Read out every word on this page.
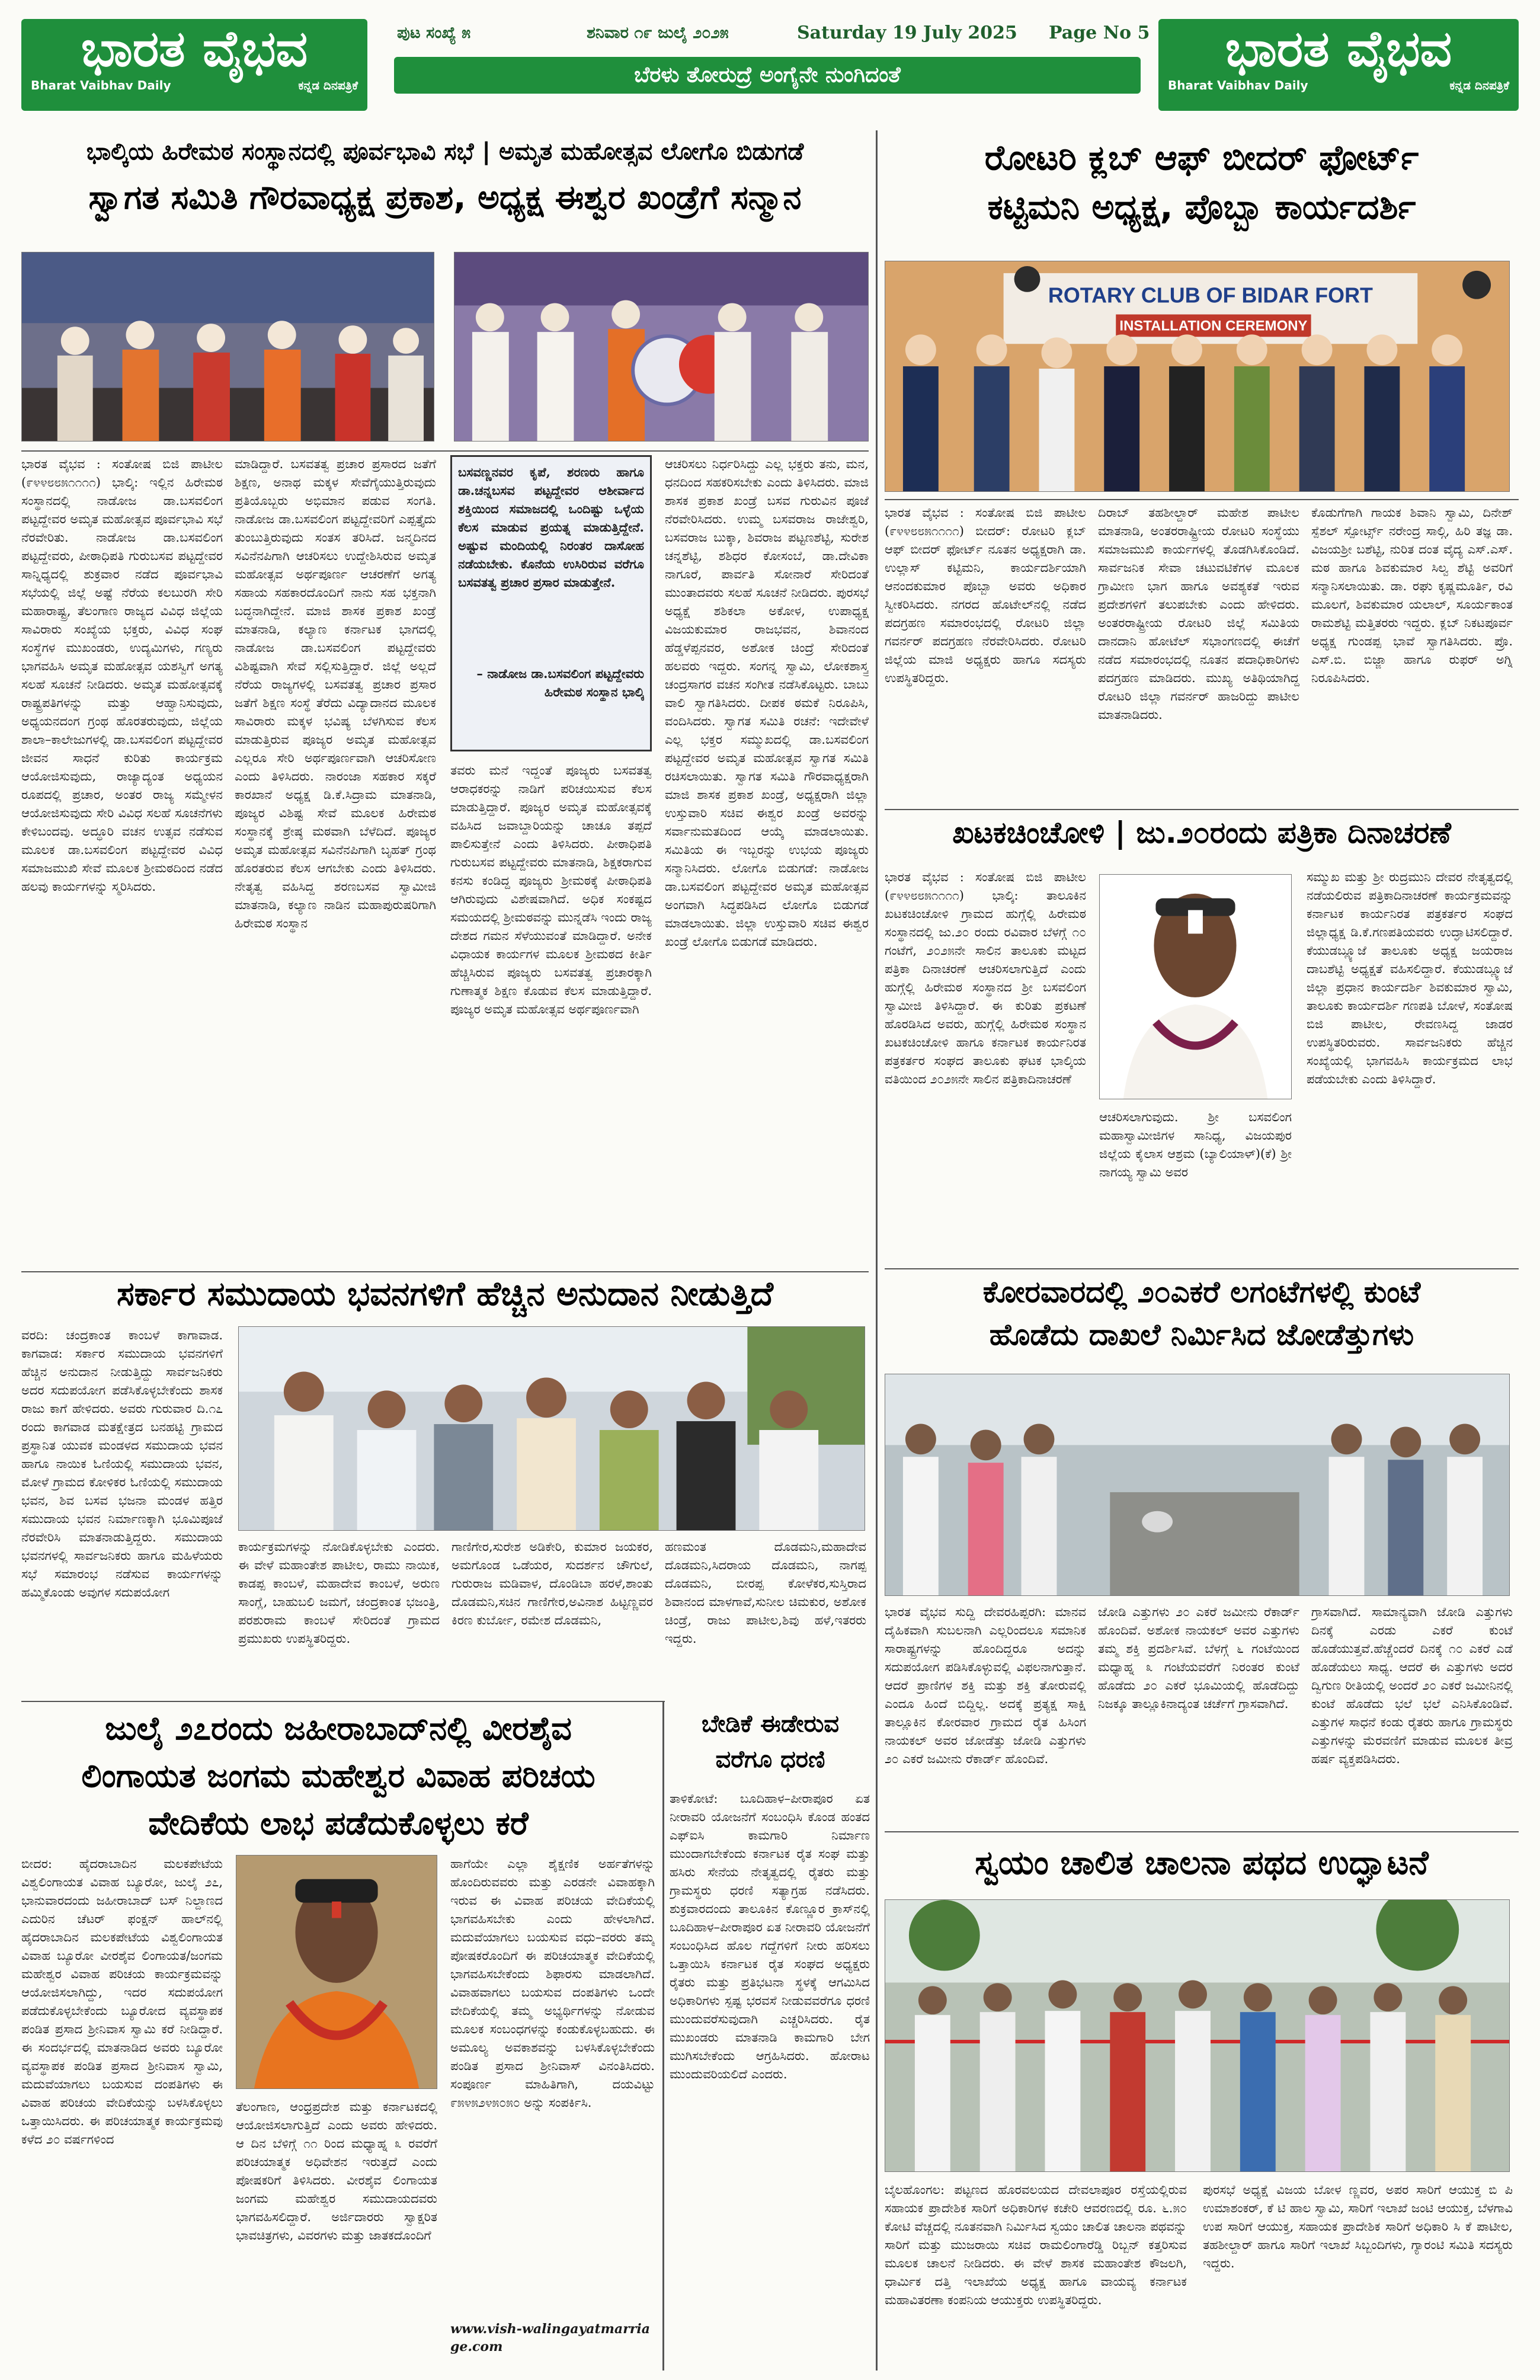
ಭಾರತ ವೈಭವ
Bharat Vaibhav Daily	ಕನ್ನಡ ದಿನಪತ್ರಿಕೆ
ಭಾರತ ವೈಭವ
Bharat Vaibhav Daily	ಕನ್ನಡ ದಿನಪತ್ರಿಕೆ
ಪುಟ ಸಂಖ್ಯೆ ೫	ಶನಿವಾರ ೧೯ ಜುಲೈ ೨೦೨೫	Saturday 19 July 2025 Page No 5
ಬೆರಳು ತೋರುದ್ರೆ ಅಂಗೈನೇ ನುಂಗಿದಂತೆ
ಭಾಲ್ಕಿಯ ಹಿರೇಮಠ ಸಂಸ್ಥಾನದಲ್ಲಿ ಪೂರ್ವಭಾವಿ ಸಭೆ | ಅಮೃತ ಮಹೋತ್ಸವ ಲೋಗೊ ಬಿಡುಗಡೆ
ಸ್ವಾಗತ ಸಮಿತಿ ಗೌರವಾಧ್ಯಕ್ಷ ಪ್ರಕಾಶ, ಅಧ್ಯಕ್ಷ ಈಶ್ವರ ಖಂಡ್ರೆಗೆ ಸನ್ಮಾನ
ಭಾರತ ವೈಭವ : ಸಂತೋಷ ಬಿಜಿ ಪಾಟೀಲ (೯೪೪೮೮೫೧೧೧೧) ಭಾಲ್ಕಿ: ಇಲ್ಲಿನ ಹಿರೇಮಠ ಸಂಸ್ಥಾನದಲ್ಲಿ ನಾಡೋಜ ಡಾ.ಬಸವಲಿಂಗ ಪಟ್ಟದ್ದೇವರ ಅಮೃತ ಮಹೋತ್ಸವ ಪೂರ್ವಭಾವಿ ಸಭೆ ನೆರವೇರಿತು. ನಾಡೋಜ ಡಾ.ಬಸವಲಿಂಗ ಪಟ್ಟದ್ದೇವರು, ಪೀಠಾಧಿಪತಿ ಗುರುಬಸವ ಪಟ್ಟದ್ದೇವರ ಸಾನ್ನಿಧ್ಯದಲ್ಲಿ ಶುಕ್ರವಾರ ನಡೆದ ಪೂರ್ವಭಾವಿ ಸಭೆಯಲ್ಲಿ ಜಿಲ್ಲೆ ಅಷ್ಟೆ ನೆರೆಯ ಕಲಬುರಗಿ ಸೇರಿ ಮಹಾರಾಷ್ಟ್ರ, ತೆಲಂಗಾಣ ರಾಜ್ಯದ ವಿವಿಧ ಜಿಲ್ಲೆಯ ಸಾವಿರಾರು ಸಂಖ್ಯೆಯ ಭಕ್ತರು, ವಿವಿಧ ಸಂಘ ಸಂಸ್ಥೆಗಳ ಮುಖಂಡರು, ಉದ್ಯಮಿಗಳು, ಗಣ್ಯರು ಭಾಗವಹಿಸಿ ಅಮೃತ ಮಹೋತ್ಸವ ಯಶಸ್ವಿಗೆ ಅಗತ್ಯ ಸಲಹೆ ಸೂಚನೆ ನೀಡಿದರು. ಅಮೃತ ಮಹೋತ್ಸವಕ್ಕೆ ರಾಷ್ಟ್ರಪತಿಗಳನ್ನು ಮತ್ತು ಆಹ್ವಾನಿಸುವುದು, ಅಧ್ಯಯನದಂಗ ಗ್ರಂಥ ಹೊರತರುವುದು, ಜಿಲ್ಲೆಯ ಶಾಲಾ–ಕಾಲೇಜುಗಳಲ್ಲಿ ಡಾ.ಬಸವಲಿಂಗ ಪಟ್ಟದ್ದೇವರ ಜೀವನ ಸಾಧನೆ ಕುರಿತು ಕಾರ್ಯಕ್ರಮ ಆಯೋಜಿಸುವುದು, ರಾಜ್ಯಾದ್ಯಂತ ಅಧ್ಯಯನ ರೂಪದಲ್ಲಿ ಪ್ರಚಾರ, ಅಂತರ ರಾಜ್ಯ ಸಮ್ಮೇಳನ ಆಯೋಜಿಸುವುದು ಸೇರಿ ವಿವಿಧ ಸಲಹೆ ಸೂಚನೆಗಳು ಕೇಳಿಬಂದವು. ಅದ್ಧೂರಿ ವಚನ ಉತ್ಸವ ನಡೆಸುವ ಮೂಲಕ ಡಾ.ಬಸವಲಿಂಗ ಪಟ್ಟದ್ದೇವರ ವಿವಿಧ ಸಮಾಜಮುಖಿ ಸೇವೆ ಮೂಲಕ ಶ್ರೀಮಠದಿಂದ ನಡೆದ ಹಲವು ಕಾರ್ಯಗಳನ್ನು ಸ್ಮರಿಸಿದರು.
ಮಾಡಿದ್ದಾರೆ. ಬಸವತತ್ವ ಪ್ರಚಾರ ಪ್ರಸಾರದ ಜತೆಗೆ ಶಿಕ್ಷಣ, ಅನಾಥ ಮಕ್ಕಳ ಸೇವೆಗೈಯುತ್ತಿರುವುದು ಪ್ರತಿಯೊಬ್ಬರು ಅಭಿಮಾನ ಪಡುವ ಸಂಗತಿ. ನಾಡೋಜ ಡಾ.ಬಸವಲಿಂಗ ಪಟ್ಟದ್ದೇವರಿಗೆ ಎಪ್ಪತ್ತೈದು ತುಂಬುತ್ತಿರುವುದು ಸಂತಸ ತರಿಸಿದೆ. ಜನ್ಮದಿನದ ಸವಿನೆನಪಿಗಾಗಿ ಆಚರಿಸಲು ಉದ್ದೇಶಿಸಿರುವ ಅಮೃತ ಮಹೋತ್ಸವ ಅರ್ಥಪೂರ್ಣ ಆಚರಣೆಗೆ ಅಗತ್ಯ ಸಹಾಯ ಸಹಕಾರದೊಂದಿಗೆ ನಾನು ಸಹ ಭಕ್ತನಾಗಿ ಬದ್ಧನಾಗಿದ್ದೇನೆ. ಮಾಜಿ ಶಾಸಕ ಪ್ರಕಾಶ ಖಂಡ್ರೆ ಮಾತನಾಡಿ, ಕಲ್ಯಾಣ ಕರ್ನಾಟಕ ಭಾಗದಲ್ಲಿ ನಾಡೋಜ ಡಾ.ಬಸವಲಿಂಗ ಪಟ್ಟದ್ದೇವರು ವಿಶಿಷ್ಟವಾಗಿ ಸೇವೆ ಸಲ್ಲಿಸುತ್ತಿದ್ದಾರೆ. ಜಿಲ್ಲೆ ಅಲ್ಲದೆ ನೆರೆಯ ರಾಜ್ಯಗಳಲ್ಲಿ ಬಸವತತ್ವ ಪ್ರಚಾರ ಪ್ರಸಾರ ಜತೆಗೆ ಶಿಕ್ಷಣ ಸಂಸ್ಥೆ ತೆರೆದು ವಿದ್ಯಾದಾನದ ಮೂಲಕ ಸಾವಿರಾರು ಮಕ್ಕಳ ಭವಿಷ್ಯ ಬೆಳಗಿಸುವ ಕೆಲಸ ಮಾಡುತ್ತಿರುವ ಪೂಜ್ಯರ ಅಮೃತ ಮಹೋತ್ಸವ ಎಲ್ಲರೂ ಸೇರಿ ಅರ್ಥಪೂರ್ಣವಾಗಿ ಆಚರಿಸೋಣ ಎಂದು ತಿಳಿಸಿದರು. ನಾರಂಜಾ ಸಹಕಾರ ಸಕ್ಕರೆ ಕಾರಖಾನೆ ಅಧ್ಯಕ್ಷ ಡಿ.ಕೆ.ಸಿದ್ರಾಮ ಮಾತನಾಡಿ, ಪೂಜ್ಯರ ವಿಶಿಷ್ಟ ಸೇವೆ ಮೂಲಕ ಹಿರೇಮಠ ಸಂಸ್ಥಾನಕ್ಕೆ ಶ್ರೇಷ್ಠ ಮಠವಾಗಿ ಬೆಳೆದಿದೆ. ಪೂಜ್ಯರ ಅಮೃತ ಮಹೋತ್ಸವ ಸವಿನೆನಪಿಗಾಗಿ ಬೃಹತ್ ಗ್ರಂಥ ಹೊರತರುವ ಕೆಲಸ ಆಗಬೇಕು ಎಂದು ತಿಳಿಸಿದರು. ನೇತೃತ್ವ ವಹಿಸಿದ್ದ ಶರಣಬಸವ ಸ್ವಾಮೀಜಿ ಮಾತನಾಡಿ, ಕಲ್ಯಾಣ ನಾಡಿನ ಮಹಾಪುರುಷರಿಗಾಗಿ ಹಿರೇಮಠ ಸಂಸ್ಥಾನ
ಬಸವಣ್ಣನವರ ಕೃಪೆ, ಶರಣರು ಹಾಗೂ ಡಾ.ಚನ್ನಬಸವ ಪಟ್ಟದ್ದೇವರ ಆಶೀರ್ವಾದ ಶಕ್ತಿಯಿಂದ ಸಮಾಜದಲ್ಲಿ ಒಂದಿಷ್ಟು ಒಳ್ಳೆಯ ಕೆಲಸ ಮಾಡುವ ಪ್ರಯತ್ನ ಮಾಡುತ್ತಿದ್ದೇನೆ. ಅಷ್ಟುವ ಮಂದಿಯಲ್ಲಿ ನಿರಂತರ ದಾಸೋಹ ನಡೆಯಬೇಕು. ಕೊನೆಯ ಉಸಿರಿರುವ ವರೆಗೂ ಬಸವತತ್ವ ಪ್ರಚಾರ ಪ್ರಸಾರ ಮಾಡುತ್ತೇನೆ.
– ನಾಡೋಜ ಡಾ.ಬಸವಲಿಂಗ ಪಟ್ಟದ್ದೇವರು ಹಿರೇಮಠ ಸಂಸ್ಥಾನ ಭಾಲ್ಕಿ
ತವರು ಮನೆ ಇದ್ದಂತೆ ಪೂಜ್ಯರು ಬಸವತತ್ವ ಆರಾಧಕರನ್ನು ನಾಡಿಗೆ ಪರಿಚಯಿಸುವ ಕೆಲಸ ಮಾಡುತ್ತಿದ್ದಾರೆ. ಪೂಜ್ಯರ ಅಮೃತ ಮಹೋತ್ಸವಕ್ಕೆ ವಹಿಸಿದ ಜವಾಬ್ದಾರಿಯನ್ನು ಚಾಚೂ ತಪ್ಪದೆ ಪಾಲಿಸುತ್ತೇನೆ ಎಂದು ತಿಳಿಸಿದರು. ಪೀಠಾಧಿಪತಿ ಗುರುಬಸವ ಪಟ್ಟದ್ದೇವರು ಮಾತನಾಡಿ, ಶಿಕ್ಷಕರಾಗುವ ಕನಸು ಕಂಡಿದ್ದ ಪೂಜ್ಯರು ಶ್ರೀಮಠಕ್ಕೆ ಪೀಠಾಧಿಪತಿ ಆಗಿರುವುದು ವಿಶೇಷವಾಗಿದೆ. ಅಧಿಕ ಸಂಕಷ್ಟದ ಸಮಯದಲ್ಲಿ ಶ್ರೀಮಠವನ್ನು ಮುನ್ನಡೆಸಿ ಇಂದು ರಾಜ್ಯ ದೇಶದ ಗಮನ ಸೆಳೆಯುವಂತೆ ಮಾಡಿದ್ದಾರೆ. ಅನೇಕ ವಿಧಾಯಕ ಕಾರ್ಯಗಳ ಮೂಲಕ ಶ್ರೀಮಠದ ಕೀರ್ತಿ ಹೆಚ್ಚಿಸಿರುವ ಪೂಜ್ಯರು ಬಸವತತ್ವ ಪ್ರಚಾರಕ್ಕಾಗಿ ಗುಣಾತ್ಮಕ ಶಿಕ್ಷಣ ಕೊಡುವ ಕೆಲಸ ಮಾಡುತ್ತಿದ್ದಾರೆ. ಪೂಜ್ಯರ ಅಮೃತ ಮಹೋತ್ಸವ ಅರ್ಥಪೂರ್ಣವಾಗಿ
ಆಚರಿಸಲು ನಿರ್ಧರಿಸಿದ್ದು ಎಲ್ಲ ಭಕ್ತರು ತನು, ಮನ, ಧನದಿಂದ ಸಹಕರಿಸಬೇಕು ಎಂದು ತಿಳಿಸಿದರು. ಮಾಜಿ ಶಾಸಕ ಪ್ರಕಾಶ ಖಂಡ್ರೆ ಬಸವ ಗುರುವಿನ ಪೂಜೆ ನೆರವೇರಿಸಿದರು. ಉಮ್ಮ ಬಸವರಾಜ ರಾಜೇಶ್ವರಿ, ಬಸವರಾಜ ಬುಕ್ಕಾ, ಶಿವರಾಜ ಪಟ್ಟಣಶೆಟ್ಟಿ, ಸುರೇಶ ಚನ್ನಶೆಟ್ಟಿ, ಶಶಿಧರ ಕೋಸಂಬೆ, ಡಾ.ದೇವಿಕಾ ನಾಗೂರೆ, ಪಾರ್ವತಿ ಸೋನಾರೆ ಸೇರಿದಂತೆ ಮುಂತಾದವರು ಸಲಹೆ ಸೂಚನೆ ನೀಡಿದರು. ಪುರಸಭೆ ಅಧ್ಯಕ್ಷೆ ಶಶಿಕಲಾ ಅಕೋಳ, ಉಪಾಧ್ಯಕ್ಷ ವಿಜಯಕುಮಾರ ರಾಜಭವನ, ಶಿವಾನಂದ ಹೆಡ್ಡಳೆಪ್ಪನವರ, ಅಶೋಕ ಚಿಂದ್ರೆ ಸೇರಿದಂತೆ ಹಲವರು ಇದ್ದರು. ಸಂಗನ್ನ ಸ್ವಾಮಿ, ಲೋಕಶಾಸ್ತ್ರ ಚಂದ್ರಸಾಗರ ವಚನ ಸಂಗೀತ ನಡೆಸಿಕೊಟ್ಟರು. ಬಾಬು ವಾಲಿ ಸ್ವಾಗತಿಸಿದರು. ದೀಪಕ ಠಮಕೆ ನಿರೂಪಿಸಿ, ವಂದಿಸಿದರು. ಸ್ವಾಗತ ಸಮಿತಿ ರಚನೆ: ಇದೇವೇಳೆ ಎಲ್ಲ ಭಕ್ತರ ಸಮ್ಮುಖದಲ್ಲಿ ಡಾ.ಬಸವಲಿಂಗ ಪಟ್ಟದ್ದೇವರ ಅಮೃತ ಮಹೋತ್ಸವ ಸ್ವಾಗತ ಸಮಿತಿ ರಚಿಸಲಾಯಿತು. ಸ್ವಾಗತ ಸಮಿತಿ ಗೌರವಾಧ್ಯಕ್ಷರಾಗಿ ಮಾಜಿ ಶಾಸಕ ಪ್ರಕಾಶ ಖಂಡ್ರೆ, ಅಧ್ಯಕ್ಷರಾಗಿ ಜಿಲ್ಲಾ ಉಸ್ತುವಾರಿ ಸಚಿವ ಈಶ್ವರ ಖಂಡ್ರೆ ಅವರನ್ನು ಸರ್ವಾನುಮತದಿಂದ ಆಯ್ಕೆ ಮಾಡಲಾಯಿತು. ಸಮಿತಿಯ ಈ ಇಬ್ಬರನ್ನು ಉಭಯ ಪೂಜ್ಯರು ಸನ್ಮಾನಿಸಿದರು. ಲೋಗೊ ಬಿಡುಗಡೆ: ನಾಡೋಜ ಡಾ.ಬಸವಲಿಂಗ ಪಟ್ಟದ್ದೇವರ ಅಮೃತ ಮಹೋತ್ಸವ ಅಂಗವಾಗಿ ಸಿದ್ಧಪಡಿಸಿದ ಲೋಗೊ ಬಿಡುಗಡೆ ಮಾಡಲಾಯಿತು. ಜಿಲ್ಲಾ ಉಸ್ತುವಾರಿ ಸಚಿವ ಈಶ್ವರ ಖಂಡ್ರೆ ಲೋಗೊ ಬಿಡುಗಡೆ ಮಾಡಿದರು.
ರೋಟರಿ ಕ್ಲಬ್ ಆಫ್ ಬೀದರ್ ಫೋರ್ಟ್
ಕಟ್ಟಿಮನಿ ಅಧ್ಯಕ್ಷ, ಪೊಬ್ಬಾ ಕಾರ್ಯದರ್ಶಿ
ROTARY CLUB OF BIDAR FORT
INSTALLATION CEREMONY
ಭಾರತ ವೈಭವ : ಸಂತೋಷ ಬಿಜಿ ಪಾಟೀಲ (೯೪೪೮೮೫೧೧೧೧) ಬೀದರ್: ರೋಟರಿ ಕ್ಲಬ್ ಆಫ್ ಬೀದರ್ ಫೋರ್ಟ್ ನೂತನ ಅಧ್ಯಕ್ಷರಾಗಿ ಡಾ. ಉಲ್ಲಾಸ್ ಕಟ್ಟಿಮನಿ, ಕಾರ್ಯದರ್ಶಿಯಾಗಿ ಆನಂದಕುಮಾರ ಪೊಬ್ಬಾ ಅವರು ಅಧಿಕಾರ ಸ್ವೀಕರಿಸಿದರು. ನಗರದ ಹೊಟೇಲ್‌ನಲ್ಲಿ ನಡೆದ ಪದಗ್ರಹಣ ಸಮಾರಂಭದಲ್ಲಿ ರೋಟರಿ ಜಿಲ್ಲಾ ಗವರ್ನರ್ ಪದಗ್ರಹಣ ನೆರವೇರಿಸಿದರು. ರೋಟರಿ ಜಿಲ್ಲೆಯ ಮಾಜಿ ಅಧ್ಯಕ್ಷರು ಹಾಗೂ ಸದಸ್ಯರು ಉಪಸ್ಥಿತರಿದ್ದರು.
ದಿರಾಬ್ ತಹಶೀಲ್ದಾರ್ ಮಹೇಶ ಪಾಟೀಲ ಮಾತನಾಡಿ, ಅಂತರರಾಷ್ಟ್ರೀಯ ರೋಟರಿ ಸಂಸ್ಥೆಯು ಸಮಾಜಮುಖಿ ಕಾರ್ಯಗಳಲ್ಲಿ ತೊಡಗಿಸಿಕೊಂಡಿದೆ. ಸಾರ್ವಜನಿಕ ಸೇವಾ ಚಟುವಟಿಕೆಗಳ ಮೂಲಕ ಗ್ರಾಮೀಣ ಭಾಗ ಹಾಗೂ ಅವಶ್ಯಕತೆ ಇರುವ ಪ್ರದೇಶಗಳಿಗೆ ತಲುಪಬೇಕು ಎಂದು ಹೇಳಿದರು. ಅಂತರರಾಷ್ಟ್ರೀಯ ರೋಟರಿ ಜಿಲ್ಲೆ ಸಮಿತಿಯ ದಾನದಾನಿ ಹೋಟೆಲ್ ಸಭಾಂಗಣದಲ್ಲಿ ಈಚೆಗೆ ನಡೆದ ಸಮಾರಂಭದಲ್ಲಿ ನೂತನ ಪದಾಧಿಕಾರಿಗಳು ಪದಗ್ರಹಣ ಮಾಡಿದರು. ಮುಖ್ಯ ಅತಿಥಿಯಾಗಿದ್ದ ರೋಟರಿ ಜಿಲ್ಲಾ ಗವರ್ನರ್ ಹಾಜರಿದ್ದು ಪಾಟೀಲ ಮಾತನಾಡಿದರು.
ಕೊಡುಗೆಗಾಗಿ ಗಾಯಕ ಶಿವಾನಿ ಸ್ವಾಮಿ, ದಿನೇಶ್ ಸ್ಪೆಶಲ್ ಸ್ಪೋರ್ಟ್ಸ್ ನರೇಂದ್ರ ಸಾಲ್ಗಿ, ಹಿರಿ ತಜ್ಞ ಡಾ. ವಿಜಯಶ್ರೀ ಬಶೆಟ್ಟಿ, ನುರಿತ ದಂತ ವೈದ್ಯ ಎಸ್.ಎಸ್. ಮಠ ಹಾಗೂ ಶಿವಕುಮಾರ ಸಿಲ್ವ ಶೆಟ್ಟಿ ಅವರಿಗೆ ಸನ್ಮಾನಿಸಲಾಯಿತು. ಡಾ. ರಘು ಕೃಷ್ಣಮೂರ್ತಿ, ರವಿ ಮೂಲಗೆ, ಶಿವಕುಮಾರ ಯಲಾಲ್, ಸೂರ್ಯಕಾಂತ ರಾಮಶೆಟ್ಟಿ ಮತ್ತಿತರರು ಇದ್ದರು. ಕ್ಲಬ್ ನಿಕಟಪೂರ್ವ ಅಧ್ಯಕ್ಷ ಗುಂಡಪ್ಪ ಭಾವೆ ಸ್ವಾಗತಿಸಿದರು. ಪ್ರೊ. ಎಸ್.ಬಿ. ಬಿಜ್ಜಾ ಹಾಗೂ ರುಫರ್ ಅಗ್ನಿ ನಿರೂಪಿಸಿದರು.
ಖಟಕಚಿಂಚೋಳಿ | ಜು.೨೦ರಂದು ಪತ್ರಿಕಾ ದಿನಾಚರಣೆ
ಭಾರತ ವೈಭವ : ಸಂತೋಷ ಬಿಜಿ ಪಾಟೀಲ (೯೪೪೮೮೫೧೧೧೧) ಭಾಲ್ಕಿ: ತಾಲೂಕಿನ ಖಟಕಚಿಂಚೋಳಿ ಗ್ರಾಮದ ಹುಗ್ಗೆಲ್ಲಿ ಹಿರೇಮಠ ಸಂಸ್ಥಾನದಲ್ಲಿ ಜು.೨೦ ರಂದು ರವಿವಾರ ಬೆಳಗ್ಗೆ ೧೦ ಗಂಟೆಗೆ, ೨೦೨೫ನೇ ಸಾಲಿನ ತಾಲೂಕು ಮಟ್ಟದ ಪತ್ರಿಕಾ ದಿನಾಚರಣೆ ಆಚರಿಸಲಾಗುತ್ತಿದೆ ಎಂದು ಹುಗ್ಗೆಲ್ಲಿ ಹಿರೇಮಠ ಸಂಸ್ಥಾನದ ಶ್ರೀ ಬಸವಲಿಂಗ ಸ್ವಾಮೀಜಿ ತಿಳಿಸಿದ್ದಾರೆ. ಈ ಕುರಿತು ಪ್ರಕಟಣೆ ಹೊರಡಿಸಿದ ಅವರು, ಹುಗ್ಗೆಲ್ಲಿ ಹಿರೇಮಠ ಸಂಸ್ಥಾನ ಖಟಕಚಿಂಚೋಳಿ ಹಾಗೂ ಕರ್ನಾಟಕ ಕಾರ್ಯನಿರತ ಪತ್ರಕರ್ತರ ಸಂಘದ ತಾಲೂಕು ಘಟಕ ಭಾಲ್ಕಿಯ ವತಿಯಿಂದ ೨೦೨೫ನೇ ಸಾಲಿನ ಪತ್ರಿಕಾದಿನಾಚರಣೆ
ಆಚರಿಸಲಾಗುವುದು. ಶ್ರೀ ಬಸವಲಿಂಗ ಮಹಾಸ್ವಾಮೀಜಿಗಳ ಸಾನಿಧ್ಯ, ವಿಜಯಪುರ ಜಿಲ್ಲೆಯ ಕೈಲಾಸ ಆಶ್ರಮ (ಬ್ಯಾಲಿಯಾಳ್)(ಕೆ) ಶ್ರೀ ನಾಗಯ್ಯ ಸ್ವಾಮಿ ಅವರ
ಸಮ್ಮುಖ ಮತ್ತು ಶ್ರೀ ರುದ್ರಮುನಿ ದೇವರ ನೇತೃತ್ವದಲ್ಲಿ ನಡೆಯಲಿರುವ ಪತ್ರಿಕಾದಿನಾಚರಣೆ ಕಾರ್ಯಕ್ರಮವನ್ನು ಕರ್ನಾಟಕ ಕಾರ್ಯನಿರತ ಪತ್ರಕರ್ತರ ಸಂಘದ ಜಿಲ್ಲಾಧ್ಯಕ್ಷ ಡಿ.ಕೆ.ಗಣಪತಿಯವರು ಉದ್ಘಾಟಿಸಲಿದ್ದಾರೆ. ಕೆಯುಡಬ್ಲ್ಯೂಜೆ ತಾಲೂಕು ಅಧ್ಯಕ್ಷ ಜಯರಾಜ ದಾಬಶೆಟ್ಟಿ ಅಧ್ಯಕ್ಷತೆ ವಹಿಸಲಿದ್ದಾರೆ. ಕೆಯುಡಬ್ಲ್ಯೂಜೆ ಜಿಲ್ಲಾ ಪ್ರಧಾನ ಕಾರ್ಯದರ್ಶಿ ಶಿವಕುಮಾರ ಸ್ವಾಮಿ, ತಾಲೂಕು ಕಾರ್ಯದರ್ಶಿ ಗಣಪತಿ ಬೋಳೆ, ಸಂತೋಷ ಬಿಜಿ ಪಾಟೀಲ, ರೇವಣಸಿದ್ದ ಜಾಡರ ಉಪಸ್ಥಿತರಿರುವರು. ಸಾರ್ವಜನಿಕರು ಹೆಚ್ಚಿನ ಸಂಖ್ಯೆಯಲ್ಲಿ ಭಾಗವಹಿಸಿ ಕಾರ್ಯಕ್ರಮದ ಲಾಭ ಪಡೆಯಬೇಕು ಎಂದು ತಿಳಿಸಿದ್ದಾರೆ.
ಸರ್ಕಾರ ಸಮುದಾಯ ಭವನಗಳಿಗೆ ಹೆಚ್ಚಿನ ಅನುದಾನ ನೀಡುತ್ತಿದೆ
ವರದಿ: ಚಂದ್ರಕಾಂತ ಕಾಂಬಳೆ ಕಾಗಾವಾಡ. ಕಾಗವಾಡ: ಸರ್ಕಾರ ಸಮುದಾಯ ಭವನಗಳಿಗೆ ಹೆಚ್ಚಿನ ಅನುದಾನ ನೀಡುತ್ತಿದ್ದು ಸಾರ್ವಜನಿಕರು ಅದರ ಸದುಪಯೋಗ ಪಡೆಸಿಕೊಳ್ಳಬೇಕೆಂದು ಶಾಸಕ ರಾಜು ಕಾಗೆ ಹೇಳಿದರು. ಅವರು ಗುರುವಾರ ದಿ.೧೭ ರಂದು ಕಾಗವಾಡ ಮತಕ್ಷೇತ್ರದ ಬನಹಟ್ಟಿ ಗ್ರಾಮದ ಪ್ರಸ್ಥಾನಿತ ಯುವಕ ಮಂಡಳದ ಸಮುದಾಯ ಭವನ ಹಾಗೂ ನಾಯಿಕ ಓಣಿಯಲ್ಲಿ ಸಮುದಾಯ ಭವನ, ಮೋಳೆ ಗ್ರಾಮದ ಕೋಳಿಕರ ಓಣಿಯಲ್ಲಿ ಸಮುದಾಯ ಭವನ, ಶಿವ ಬಸವ ಭಜನಾ ಮಂಡಳ ಹತ್ತಿರ ಸಮುದಾಯ ಭವನ ನಿರ್ಮಾಣಕ್ಕಾಗಿ ಭೂಮಿಪೂಜೆ ನೆರವೇರಿಸಿ ಮಾತನಾಡುತ್ತಿದ್ದರು. ಸಮುದಾಯ ಭವನಗಳಲ್ಲಿ ಸಾರ್ವಜನಿಕರು ಹಾಗೂ ಮಹಿಳೆಯರು ಸಭೆ ಸಮಾರಂಭ ನಡೆಸುವ ಕಾರ್ಯಗಳನ್ನು ಹಮ್ಮಿಕೊಂಡು ಅವುಗಳ ಸದುಪಯೋಗ
ಕಾರ್ಯಕ್ರಮಗಳನ್ನು ನೋಡಿಕೊಳ್ಳಬೇಕು ಎಂದರು. ಈ ವೇಳೆ ಮಹಾಂತೇಶ ಪಾಟೀಲ, ರಾಮು ನಾಯಿಕ, ಕಾಡಪ್ಪ ಕಾಂಬಳೆ, ಮಹಾದೇವ ಕಾಂಬಳೆ, ಅರುಣ ಸಾಂಗ್ಲೆ, ಬಾಹುಬಲಿ ಜಮಗೆ, ಚಂದ್ರಕಾಂತ ಭಜಂತ್ರಿ, ಪರಶುರಾಮ ಕಾಂಬಳೆ ಸೇರಿದಂತೆ ಗ್ರಾಮದ ಪ್ರಮುಖರು ಉಪಸ್ಥಿತರಿದ್ದರು.
ಗಾಣಿಗೇರ,ಸುರೇಶ ಅಡಿಕೇರಿ, ಕುಮಾರ ಜಯಕರ, ಅಮಗೊಂಡ ಒಡೆಯರ, ಸುದರ್ಶನ ಚೌಗುಲೆ, ಗುರುರಾಜ ಮಡಿವಾಳ, ದೊಂಡಿಬಾ ಹರಳೆ,ಶಾಂತು ದೊಡಮನಿ,ಸಚಿನ ಗಾಣಿಗೇರ,ಅವಿನಾಶ ಹಿಟ್ಟಣ್ಣವರ ಕಿರಣ ಕುರ್ಬೋ, ರಮೇಶ ದೊಡಮನಿ,
ಹಣಮಂತ ದೊಡಮನಿ,ಮಹಾದೇವ ದೊಡಮನಿ,ಸಿದರಾಯ ದೊಡಮನಿ, ನಾಗಪ್ಪ ದೊಡಮನಿ, ಬೀರಪ್ಪ ಕೋಳೆಕರ,ಸುಸ್ತಿರಾದ ಶಿವಾನಂದ ಮಾಳಗಾವೆ,ಸುನೀಲ ಚಿಮಕುರ, ಅಶೋಕ ಚಿಂಡ್ರೆ, ರಾಜು ಪಾಟೀಲ,ಶಿವು ಹಳೆ,ಇತರರು ಇದ್ದರು.
ಕೋರವಾರದಲ್ಲಿ ೨೦ಎಕರೆ ಲಗಂಟೆಗಳಲ್ಲಿ ಕುಂಟೆ
ಹೊಡೆದು ದಾಖಲೆ ನಿರ್ಮಿಸಿದ ಜೋಡೆತ್ತುಗಳು
ಭಾರತ ವೈಭವ ಸುದ್ದಿ ದೇವರಹಿಪ್ಪರಗಿ: ಮಾನವ ದೈಹಿಕವಾಗಿ ಸುಬಲನಾಗಿ ಎಲ್ಲರಿಂದಲೂ ಸಮಾನಿಕ ಸಾರಾಷ್ಟ್ರಗಳನ್ನು ಹೊಂದಿದ್ದರೂ ಅದನ್ನು ಸದುಪಯೋಗ ಪಡಿಸಿಕೊಳ್ಳುವಲ್ಲಿ ವಿಫಲನಾಗುತ್ತಾನೆ. ಆದರೆ ಪ್ರಾಣಿಗಳ ಶಕ್ತಿ ಮತ್ತು ಶಕ್ತಿ ತೋರುವಲ್ಲಿ ಎಂದೂ ಹಿಂದೆ ಬಿದ್ದಿಲ್ಲ. ಅದಕ್ಕೆ ಪ್ರತ್ಯಕ್ಷ ಸಾಕ್ಷಿ ತಾಲ್ಲೂಕಿನ ಕೋರವಾರ ಗ್ರಾಮದ ರೈತ ಹಿಸಿಂಗ ನಾಯಕಲ್ ಅವರ ಜೋಡೆತ್ತು ಜೋಡಿ ಎತ್ತುಗಳು ೨೦ ಎಕರೆ ಜಮೀನು ರೆಕಾರ್ಡ್ ಹೊಂದಿವೆ.
ಜೋಡಿ ಎತ್ತುಗಳು ೨೦ ಎಕರೆ ಜಮೀನು ರೆಕಾರ್ಡ್ ಹೊಂದಿವೆ. ಅಶೋಕ ನಾಯಕಲ್ ಅವರ ಎತ್ತುಗಳು ತಮ್ಮ ಶಕ್ತಿ ಪ್ರದರ್ಶಿಸಿವೆ. ಬೆಳಗ್ಗೆ ೬ ಗಂಟೆಯಿಂದ ಮಧ್ಯಾಹ್ನ ೩ ಗಂಟೆಯವರೆಗೆ ನಿರಂತರ ಕುಂಟೆ ಹೊಡೆದು ೨೦ ಎಕರೆ ಭೂಮಿಯಲ್ಲಿ ಹೊಡೆದಿದ್ದು ನಿಜಕ್ಕೂ ತಾಲ್ಲೂಕಿನಾದ್ಯಂತ ಚರ್ಚೆಗೆ ಗ್ರಾಸವಾಗಿದೆ.
ಗ್ರಾಸವಾಗಿದೆ. ಸಾಮಾನ್ಯವಾಗಿ ಜೋಡಿ ಎತ್ತುಗಳು ದಿನಕ್ಕೆ ಎರಡು ಎಕರೆ ಕುಂಟೆ ಹೊಡೆಯುತ್ತವೆ.ಹೆಚ್ಚೆಂದರೆ ದಿನಕ್ಕೆ ೧೦ ಎಕರೆ ಎಡೆ ಹೊಡೆಯಲು ಸಾಧ್ಯ. ಆದರೆ ಈ ಎತ್ತುಗಳು ಅದರ ದ್ವಿಗುಣ ರೀತಿಯಲ್ಲಿ ಅಂದರೆ ೨೦ ಎಕರೆ ಜಮೀನಿನಲ್ಲಿ ಕುಂಟೆ ಹೊಡೆದು ಭಲೆ ಭಲೆ ಎನಿಸಿಕೊಂಡಿವೆ. ಎತ್ತುಗಳ ಸಾಧನೆ ಕಂಡು ರೈತರು ಹಾಗೂ ಗ್ರಾಮಸ್ಥರು ಎತ್ತುಗಳನ್ನು ಮೆರವಣಿಗೆ ಮಾಡುವ ಮೂಲಕ ತೀವ್ರ ಹರ್ಷ ವ್ಯಕ್ತಪಡಿಸಿದರು.
ಜುಲೈ ೨೭ರಂದು ಜಹೀರಾಬಾದ್‌ನಲ್ಲಿ ವೀರಶೈವ
ಲಿಂಗಾಯತ ಜಂಗಮ ಮಹೇಶ್ವರ ವಿವಾಹ ಪರಿಚಯ
ವೇದಿಕೆಯ ಲಾಭ ಪಡೆದುಕೊಳ್ಳಲು ಕರೆ
ಬೀದರ: ಹೈದರಾಬಾದಿನ ಮಲಕಪೇಟೆಯ ವಿಶ್ವಲಿಂಗಾಯತ ವಿವಾಹ ಬ್ಯೂರೋ, ಜುಲೈ ೨೭, ಭಾನುವಾರದಂದು ಜಹೀರಾಬಾದ್ ಬಸ್ ನಿಲ್ದಾಣದ ಎದುರಿನ ಚೆಟರ್ ಫಂಕ್ಷನ್ ಹಾಲ್‌ನಲ್ಲಿ ಹೈದರಾಬಾದಿನ ಮಲಕಪೇಟೆಯ ವಿಶ್ವಲಿಂಗಾಯತ ವಿವಾಹ ಬ್ಯೂರೋ ವೀರಶೈವ ಲಿಂಗಾಯತ/ಜಂಗಮ ಮಹೇಶ್ವರ ವಿವಾಹ ಪರಿಚಯ ಕಾರ್ಯಕ್ರಮವನ್ನು ಆಯೋಜಿಸಲಾಗಿದ್ದು, ಇದರ ಸದುಪಯೋಗ ಪಡೆದುಕೊಳ್ಳಬೇಕೆಂದು ಬ್ಯೂರೋದ ವ್ಯವಸ್ಥಾಪಕ ಪಂಡಿತ ಪ್ರಸಾದ ಶ್ರೀನಿವಾಸ ಸ್ವಾಮಿ ಕರೆ ನೀಡಿದ್ದಾರೆ. ಈ ಸಂದರ್ಭದಲ್ಲಿ ಮಾತನಾಡಿದ ಅವರು ಬ್ಯೂರೋ ವ್ಯವಸ್ಥಾಪಕ ಪಂಡಿತ ಪ್ರಸಾದ ಶ್ರೀನಿವಾಸ ಸ್ವಾಮಿ, ಮದುವೆಯಾಗಲು ಬಯಸುವ ದಂಪತಿಗಳು ಈ ವಿವಾಹ ಪರಿಚಯ ವೇದಿಕೆಯನ್ನು ಬಳಸಿಕೊಳ್ಳಲು ಒತ್ತಾಯಿಸಿದರು. ಈ ಪರಿಚಯಾತ್ಮಕ ಕಾರ್ಯಕ್ರಮವು ಕಳೆದ ೨೦ ವರ್ಷಗಳಿಂದ
ತೆಲಂಗಾಣ, ಆಂಧ್ರಪ್ರದೇಶ ಮತ್ತು ಕರ್ನಾಟಕದಲ್ಲಿ ಆಯೋಜಿಸಲಾಗುತ್ತಿದೆ ಎಂದು ಅವರು ಹೇಳಿದರು. ಆ ದಿನ ಬೆಳಿಗ್ಗೆ ೧೧ ರಿಂದ ಮಧ್ಯಾಹ್ನ ೩ ರವರೆಗೆ ಪರಿಚಯಾತ್ಮಕ ಅಧಿವೇಶನ ಇರುತ್ತದೆ ಎಂದು ಪೋಷಕರಿಗೆ ತಿಳಿಸಿದರು. ವೀರಶೈವ ಲಿಂಗಾಯತ ಜಂಗಮ ಮಹೇಶ್ವರ ಸಮುದಾಯದವರು ಭಾಗವಹಿಸಲಿದ್ದಾರೆ. ಅರ್ಜಿದಾರರು ಸ್ವಾಕ್ಷರಿತ ಭಾವಚಿತ್ರಗಳು, ವಿವರಗಳು ಮತ್ತು ಜಾತಕದೊಂದಿಗೆ
ಹಾಗೆಯೇ ಎಲ್ಲಾ ಶೈಕ್ಷಣಿಕ ಅರ್ಹತೆಗಳನ್ನು ಹೊಂದಿರುವವರು ಮತ್ತು ಎರಡನೇ ವಿವಾಹಕ್ಕಾಗಿ ಇರುವ ಈ ವಿವಾಹ ಪರಿಚಯ ವೇದಿಕೆಯಲ್ಲಿ ಭಾಗವಹಿಸಬೇಕು ಎಂದು ಹೇಳಲಾಗಿದೆ. ಮದುವೆಯಾಗಲು ಬಯಸುವ ವಧು–ವರರು ತಮ್ಮ ಪೋಷಕರೊಂದಿಗೆ ಈ ಪರಿಚಯಾತ್ಮಕ ವೇದಿಕೆಯಲ್ಲಿ ಭಾಗವಹಿಸಬೇಕೆಂದು ಶಿಫಾರಸು ಮಾಡಲಾಗಿದೆ. ವಿವಾಹವಾಗಲು ಬಯಸುವ ದಂಪತಿಗಳು ಒಂದೇ ವೇದಿಕೆಯಲ್ಲಿ ತಮ್ಮ ಅಭ್ಯರ್ಥಿಗಳನ್ನು ನೋಡುವ ಮೂಲಕ ಸಂಬಂಧಗಳನ್ನು ಕಂಡುಕೊಳ್ಳಬಹುದು. ಈ ಅಮೂಲ್ಯ ಅವಕಾಶವನ್ನು ಬಳಸಿಕೊಳ್ಳಬೇಕೆಂದು ಪಂಡಿತ ಪ್ರಸಾದ ಶ್ರೀನಿವಾಸ್ ವಿನಂತಿಸಿದರು. ಸಂಪೂರ್ಣ ಮಾಹಿತಿಗಾಗಿ, ದಯವಿಟ್ಟು ೯೫೪೫೨೪೫೦೫೦ ಅನ್ನು ಸಂಪರ್ಕಿಸಿ.
www.vish-walingayatmarriage.com
ಬೇಡಿಕೆ ಈಡೇರುವ
ವರೆಗೂ ಧರಣಿ
ತಾಳಿಕೋಟೆ: ಬೂದಿಹಾಳ–ಪೀರಾಪೂರ ಏತ ನೀರಾವರಿ ಯೋಜನೆಗೆ ಸಂಬಂಧಿಸಿ ಕೊಂಡ ಹಂತದ ಎಫ್‌ಐಸಿ ಕಾಮಗಾರಿ ನಿರ್ಮಾಣ ಮುಂದಾಗಬೇಕೆಂದು ಕರ್ನಾಟಕ ರೈತ ಸಂಘ ಮತ್ತು ಹಸಿರು ಸೇನೆಯ ನೇತೃತ್ವದಲ್ಲಿ ರೈತರು ಮತ್ತು ಗ್ರಾಮಸ್ಥರು ಧರಣಿ ಸತ್ಯಾಗ್ರಹ ನಡೆಸಿದರು. ಶುಕ್ರವಾರದಂದು ತಾಲೂಕಿನ ಕೊಣ್ಣೂರ ಕ್ರಾಸ್‌ನಲ್ಲಿ ಬೂದಿಹಾಳ–ಪೀರಾಪೂರ ಏತ ನೀರಾವರಿ ಯೋಜನೆಗೆ ಸಂಬಂಧಿಸಿದ ಹೊಲ ಗದ್ದೆಗಳಿಗೆ ನೀರು ಹರಿಸಲು ಒತ್ತಾಯಿಸಿ ಕರ್ನಾಟಕ ರೈತ ಸಂಘದ ಅಧ್ಯಕ್ಷರು ರೈತರು ಮತ್ತು ಪ್ರತಿಭಟನಾ ಸ್ಥಳಕ್ಕೆ ಆಗಮಿಸಿದ ಅಧಿಕಾರಿಗಳು ಸ್ಪಷ್ಟ ಭರವಸೆ ನೀಡುವವರೆಗೂ ಧರಣಿ ಮುಂದುವರೆಸುವುದಾಗಿ ಎಚ್ಚರಿಸಿದರು. ರೈತ ಮುಖಂಡರು ಮಾತನಾಡಿ ಕಾಮಗಾರಿ ಬೇಗ ಮುಗಿಸಬೇಕೆಂದು ಆಗ್ರಹಿಸಿದರು. ಹೋರಾಟ ಮುಂದುವರಿಯಲಿದೆ ಎಂದರು.
ಸ್ವಯಂ ಚಾಲಿತ ಚಾಲನಾ ಪಥದ ಉದ್ಘಾಟನೆ
ಬೈಲಹೊಂಗಲ: ಪಟ್ಟಣದ ಹೊರವಲಯದ ದೇವಲಾಪೂರ ರಸ್ತೆಯಲ್ಲಿರುವ ಸಹಾಯಕ ಪ್ರಾದೇಶಿಕ ಸಾರಿಗೆ ಅಧಿಕಾರಿಗಳ ಕಚೇರಿ ಆವರಣದಲ್ಲಿ ರೂ. ೬.೫೦ ಕೋಟಿ ವೆಚ್ಚದಲ್ಲಿ ನೂತನವಾಗಿ ನಿರ್ಮಿಸಿದ ಸ್ವಯಂ ಚಾಲಿತ ಚಾಲನಾ ಪಥವನ್ನು ಸಾರಿಗೆ ಮತ್ತು ಮುಜರಾಯಿ ಸಚಿವ ರಾಮಲಿಂಗಾರೆಡ್ಡಿ ರಿಬ್ಬನ್ ಕತ್ತರಿಸುವ ಮೂಲಕ ಚಾಲನೆ ನೀಡಿದರು. ಈ ವೇಳೆ ಶಾಸಕ ಮಹಾಂತೇಶ ಕೌಜಲಗಿ, ಧಾರ್ಮಿಕ ದತ್ತಿ ಇಲಾಖೆಯ ಅಧ್ಯಕ್ಷ ಹಾಗೂ ವಾಯವ್ಯ ಕರ್ನಾಟಕ ಮಹಾವಿತರಣಾ ಕಂಪನಿಯ ಆಯುಕ್ತರು ಉಪಸ್ಥಿತರಿದ್ದರು.
ಪುರಸಭೆ ಅಧ್ಯಕ್ಷೆ ವಿಜಯ ಬೋಳ ಣ್ಣವರ, ಅಪರ ಸಾರಿಗೆ ಆಯುಕ್ತ ಬಿ ಪಿ ಉಮಾಶಂಕರ್, ಕೆ ಟಿ ಹಾಲ ಸ್ವಾಮಿ, ಸಾರಿಗೆ ಇಲಾಖೆ ಜಂಟಿ ಆಯುಕ್ತ, ಬೆಳಗಾವಿ ಉಪ ಸಾರಿಗೆ ಆಯುಕ್ತ, ಸಹಾಯಕ ಪ್ರಾದೇಶಿಕ ಸಾರಿಗೆ ಅಧಿಕಾರಿ ಸಿ ಕೆ ಪಾಟೀಲ, ತಹಶೀಲ್ದಾರ್ ಹಾಗೂ ಸಾರಿಗೆ ಇಲಾಖೆ ಸಿಬ್ಬಂದಿಗಳು, ಗ್ಯಾರಂಟಿ ಸಮಿತಿ ಸದಸ್ಯರು ಇದ್ದರು.
